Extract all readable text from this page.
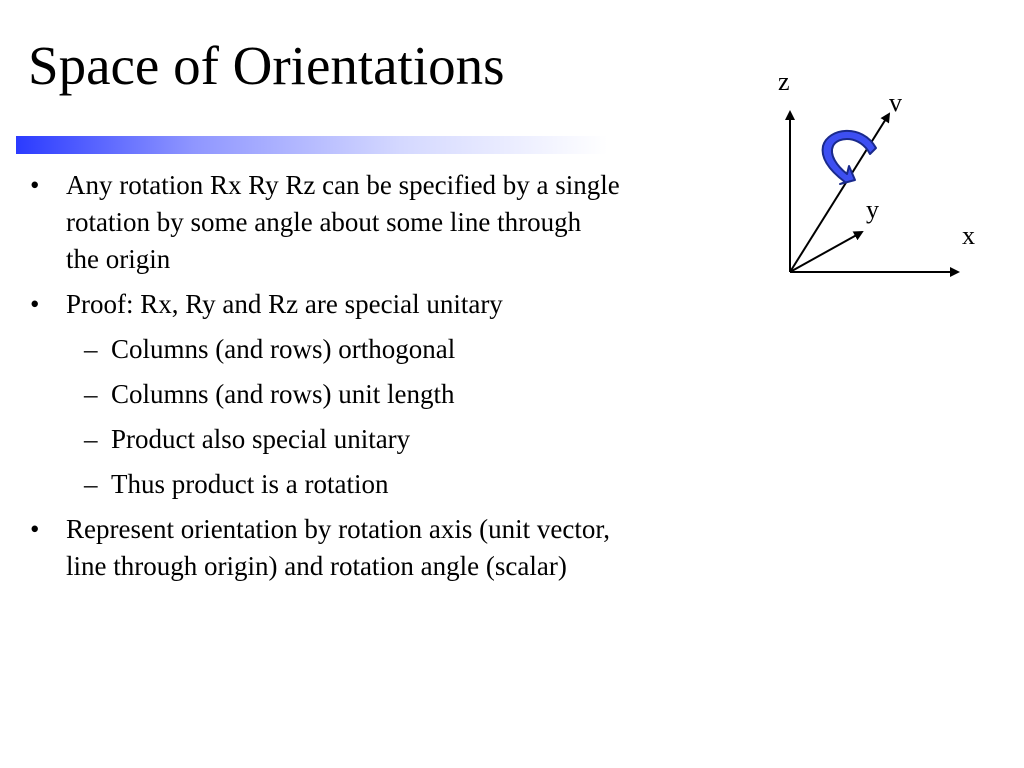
Space of Orientations
• Any rotation Rx Ry Rz can be specified by a single rotation by some angle about some line through the origin
• Proof: Rx, Ry and Rz are special unitary
– Columns (and rows) orthogonal
– Columns (and rows) unit length
– Product also special unitary
– Thus product is a rotation
• Represent orientation by rotation axis (unit vector, line through origin) and rotation angle (scalar)
z
v
y
x
